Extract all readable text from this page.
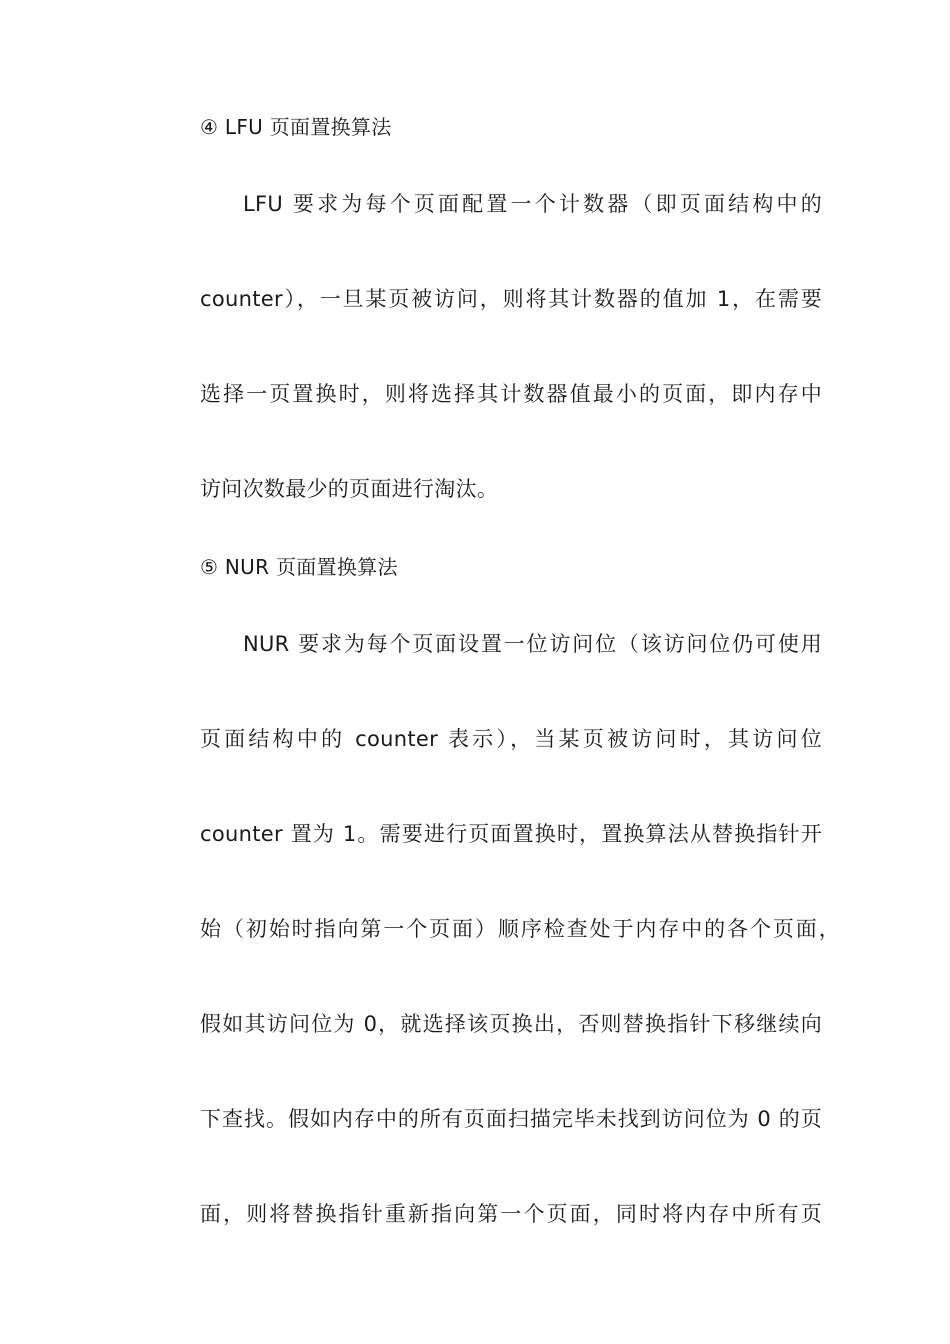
④ LFU 页面置换算法
LFU 要求为每个页面配置一个计数器（即页面结构中的
counter），一旦某页被访问，则将其计数器的值加 1，在需要
选择一页置换时，则将选择其计数器值最小的页面，即内存中
访问次数最少的页面进行淘汰。
⑤ NUR 页面置换算法
NUR 要求为每个页面设置一位访问位（该访问位仍可使用
页面结构中的 counter 表示），当某页被访问时，其访问位
counter 置为 1。需要进行页面置换时，置换算法从替换指针开
始（初始时指向第一个页面）顺序检查处于内存中的各个页面，
假如其访问位为 0，就选择该页换出，否则替换指针下移继续向
下查找。假如内存中的所有页面扫描完毕未找到访问位为 0 的页
面，则将替换指针重新指向第一个页面，同时将内存中所有页
